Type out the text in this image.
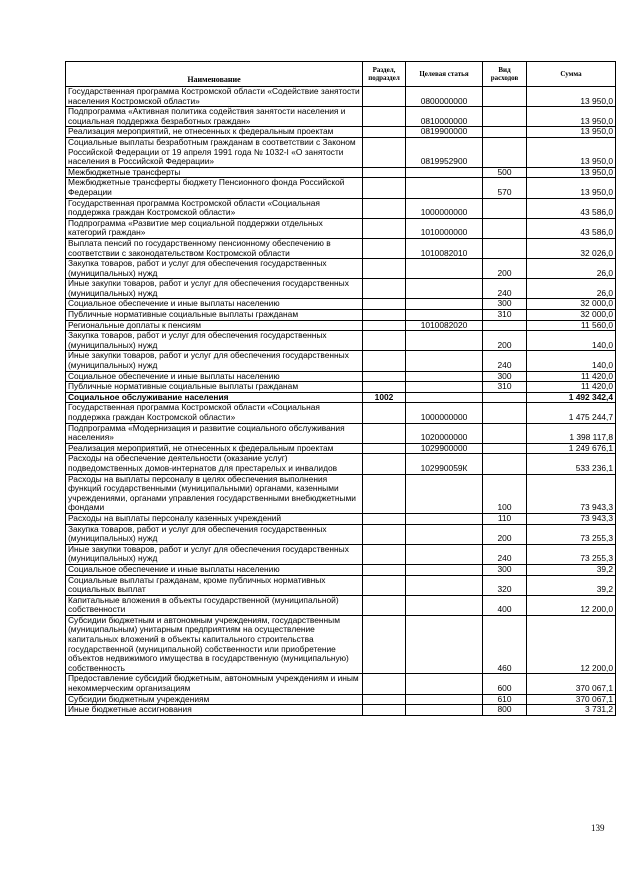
Наименование	Раздел, подраздел	Целевая статья	Вид расходов	Сумма
Государственная программа Костромской области «Содействие занятости населения Костромской области»		0800000000		13 950,0
Подпрограмма «Активная политика содействия занятости населения и социальная поддержка безработных граждан»		0810000000		13 950,0
Реализация мероприятий, не отнесенных к федеральным проектам		0819900000		13 950,0
Социальные выплаты безработным гражданам в соответствии с Законом Российской Федерации от 19 апреля 1991 года № 1032-I «О занятости населения в Российской Федерации»		0819952900		13 950,0
Межбюджетные трансферты			500	13 950,0
Межбюджетные трансферты бюджету Пенсионного фонда Российской Федерации			570	13 950,0
Государственная программа Костромской области «Социальная поддержка граждан Костромской области»		1000000000		43 586,0
Подпрограмма «Развитие мер социальной поддержки отдельных категорий граждан»		1010000000		43 586,0
Выплата пенсий по государственному пенсионному обеспечению в соответствии с законодательством Костромской области		1010082010		32 026,0
Закупка товаров, работ и услуг для обеспечения государственных (муниципальных) нужд			200	26,0
Иные закупки товаров, работ и услуг для обеспечения государственных (муниципальных) нужд			240	26,0
Социальное обеспечение и иные выплаты населению			300	32 000,0
Публичные нормативные социальные выплаты гражданам			310	32 000,0
Региональные доплаты к пенсиям		1010082020		11 560,0
Закупка товаров, работ и услуг для обеспечения государственных (муниципальных) нужд			200	140,0
Иные закупки товаров, работ и услуг для обеспечения государственных (муниципальных) нужд			240	140,0
Социальное обеспечение и иные выплаты населению			300	11 420,0
Публичные нормативные социальные выплаты гражданам			310	11 420,0
Социальное обслуживание населения	1002			1 492 342,4
Государственная программа Костромской области «Социальная поддержка граждан Костромской области»		1000000000		1 475 244,7
Подпрограмма «Модернизация и развитие социального обслуживания населения»		1020000000		1 398 117,8
Реализация мероприятий, не отнесенных к федеральным проектам		1029900000		1 249 676,1
Расходы на обеспечение деятельности (оказание услуг) подведомственных домов-интернатов для престарелых и инвалидов		102990059К		533 236,1
Расходы на выплаты персоналу в целях обеспечения выполнения функций государственными (муниципальными) органами, казенными учреждениями, органами управления государственными внебюджетными фондами			100	73 943,3
Расходы на выплаты персоналу казенных учреждений			110	73 943,3
Закупка товаров, работ и услуг для обеспечения государственных (муниципальных) нужд			200	73 255,3
Иные закупки товаров, работ и услуг для обеспечения государственных (муниципальных) нужд			240	73 255,3
Социальное обеспечение и иные выплаты населению			300	39,2
Социальные выплаты гражданам, кроме публичных нормативных социальных выплат			320	39,2
Капитальные вложения в объекты государственной (муниципальной) собственности			400	12 200,0
Субсидии бюджетным и автономным учреждениям, государственным (муниципальным) унитарным предприятиям на осуществление капитальных вложений в объекты капитального строительства государственной (муниципальной) собственности или приобретение объектов недвижимого имущества в государственную (муниципальную) собственность			460	12 200,0
Предоставление субсидий бюджетным, автономным учреждениям и иным некоммерческим организациям			600	370 067,1
Субсидии бюджетным учреждениям			610	370 067,1
Иные бюджетные ассигнования			800	3 731,2
139
